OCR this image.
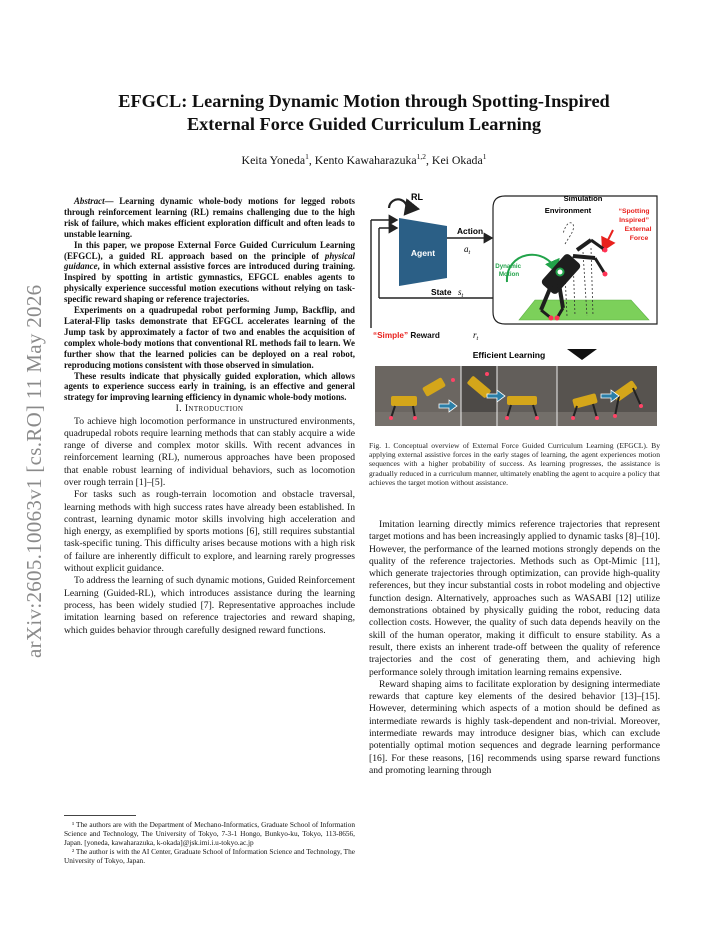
arXiv:2605.10063v1 [cs.RO] 11 May 2026
EFGCL: Learning Dynamic Motion through Spotting-Inspired
External Force Guided Curriculum Learning
Keita Yoneda$^1$, Kento Kawaharazuka$^{1,2}$, Kei Okada$^1$

Abstract— Learning dynamic whole-body motions for legged robots through reinforcement learning (RL) remains challenging due to the high risk of failure, which makes efficient exploration difficult and often leads to unstable learning.

In this paper, we propose External Force Guided Curriculum Learning (EFGCL), a guided RL approach based on the principle of physical guidance, in which external assistive forces are introduced during training. Inspired by spotting in artistic gymnastics, EFGCL enables agents to physically experience successful motion executions without relying on task-specific reward shaping or reference trajectories.

Experiments on a quadrupedal robot performing Jump, Backflip, and Lateral-Flip tasks demonstrate that EFGCL accelerates learning of the Jump task by approximately a factor of two and enables the acquisition of complex whole-body motions that conventional RL methods fail to learn. We further show that the learned policies can be deployed on a real robot, reproducing motions consistent with those observed in simulation.

These results indicate that physically guided exploration, which allows agents to experience success early in training, is an effective and general strategy for improving learning efficiency in dynamic whole-body motions.

I. Introduction

To achieve high locomotion performance in unstructured environments, quadrupedal robots require learning methods that can stably acquire a wide range of diverse and complex motor skills. With recent advances in reinforcement learning (RL), numerous approaches have been proposed that enable robust learning of individual behaviors, such as locomotion over rough terrain [1]–[5].

For tasks such as rough-terrain locomotion and obstacle traversal, learning methods with high success rates have already been established. In contrast, learning dynamic motor skills involving high acceleration and high energy, as exemplified by sports motions [6], still requires substantial task-specific tuning. This difficulty arises because motions with a high risk of failure are inherently difficult to explore, and learning rarely progresses without explicit guidance.

To address the learning of such dynamic motions, Guided Reinforcement Learning (Guided-RL), which introduces assistance during the learning process, has been widely studied [7]. Representative approaches include imitation learning based on reference trajectories and reward shaping, which guides behavior through carefully designed reward functions.

¹ The authors are with the Department of Mechano-Informatics, Graduate School of Information Science and Technology, The University of Tokyo, 7-3-1 Hongo, Bunkyo-ku, Tokyo, 113-8656, Japan. [yoneda, kawaharazuka, k-okada]@jsk.imi.i.u-tokyo.ac.jp

² The author is with the AI Center, Graduate School of Information Science and Technology, The University of Tokyo, Japan.

RL
Agent
Action
$a_t$
Simulation
Environment	“Spotting Inspired” External Force
Dynamic Motion
State $s_t$
“Simple” Reward	$r_t$
Efficient Learning
Fig. 1. Conceptual overview of External Force Guided Curriculum Learning (EFGCL). By applying external assistive forces in the early stages of learning, the agent experiences motion sequences with a higher probability of success. As learning progresses, the assistance is gradually reduced in a curriculum manner, ultimately enabling the agent to acquire a policy that achieves the target motion without assistance.

Imitation learning directly mimics reference trajectories that represent target motions and has been increasingly applied to dynamic tasks [8]–[10]. However, the performance of the learned motions strongly depends on the quality of the reference trajectories. Methods such as Opt-Mimic [11], which generate trajectories through optimization, can provide high-quality references, but they incur substantial costs in robot modeling and objective function design. Alternatively, approaches such as WASABI [12] utilize demonstrations obtained by physically guiding the robot, reducing data collection costs. However, the quality of such data depends heavily on the skill of the human operator, making it difficult to ensure stability. As a result, there exists an inherent trade-off between the quality of reference trajectories and the cost of generating them, and achieving high performance solely through imitation learning remains expensive.

Reward shaping aims to facilitate exploration by designing intermediate rewards that capture key elements of the desired behavior [13]–[15]. However, determining which aspects of a motion should be defined as intermediate rewards is highly task-dependent and non-trivial. Moreover, intermediate rewards may introduce designer bias, which can exclude potentially optimal motion sequences and degrade learning performance [16]. For these reasons, [16] recommends using sparse reward functions and promoting learning through
